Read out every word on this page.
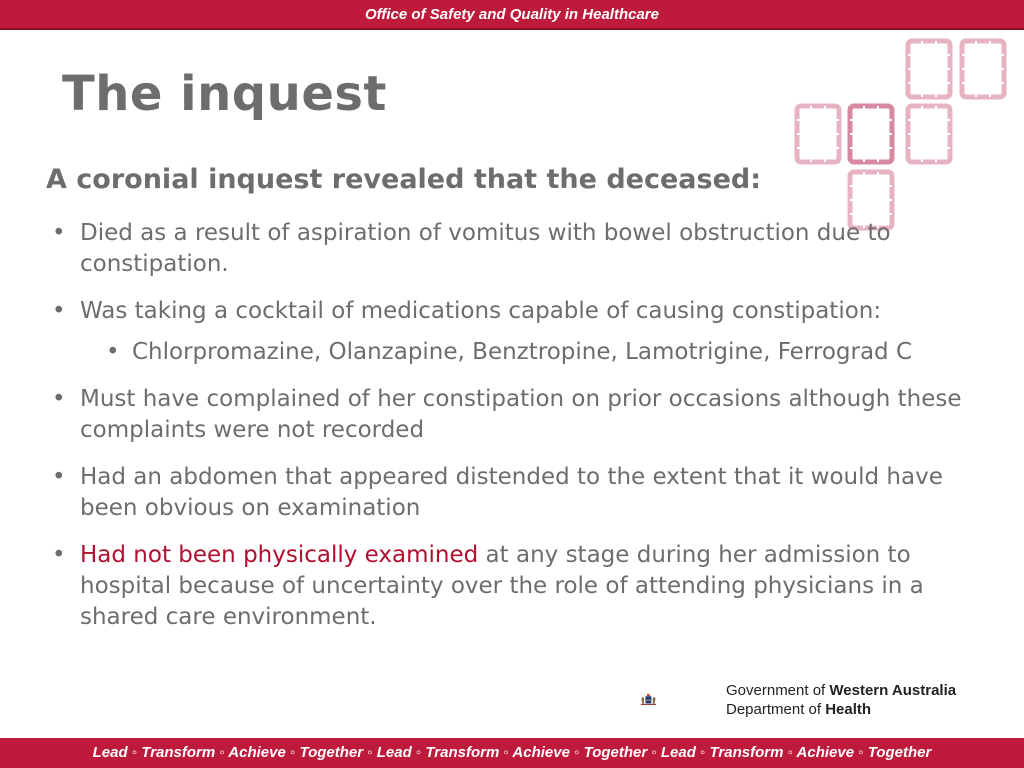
Office of Safety and Quality in Healthcare
The inquest
A coronial inquest revealed that the deceased:
• Died as a result of aspiration of vomitus with bowel obstruction due to constipation.
• Was taking a cocktail of medications capable of causing constipation:
• Chlorpromazine, Olanzapine, Benztropine, Lamotrigine, Ferrograd C
• Must have complained of her constipation on prior occasions although these complaints were not recorded
• Had an abdomen that appeared distended to the extent that it would have been obvious on examination
• Had not been physically examined at any stage during her admission to hospital because of uncertainty over the role of attending physicians in a shared care environment.
Government of Western Australia
Department of Health
Lead ◦ Transform ◦ Achieve ◦ Together ◦ Lead ◦ Transform ◦ Achieve ◦ Together ◦ Lead ◦ Transform ◦ Achieve ◦ Together
